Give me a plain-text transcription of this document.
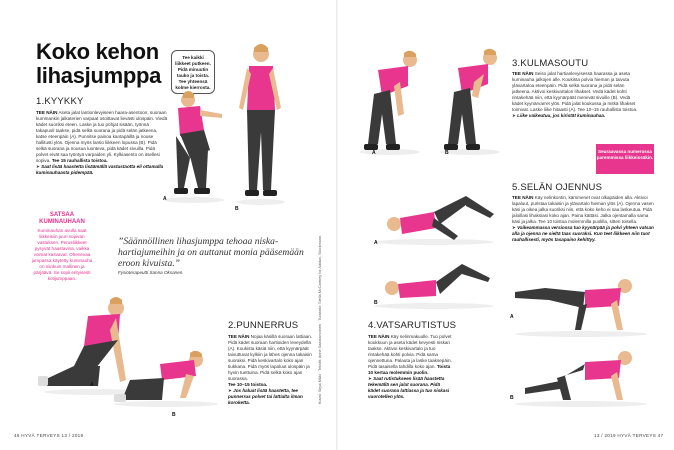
Koko kehon
lihasjumppa
Tee kaikki liikkeet putkeen. Pidä minuutin tauko ja toista. Tee yhteensä kolme kierrosta.
1.KYYKKY
TEE NÄIN Aseta jalat lantionlevyiseen haara-asentoon, suoraan kummankin jalkaterien varpaat osoittavat lievästi ulospäin. Viedä kädet suoriksi eteen. Laske ja tuo pohjat sisään, työnnä takapuoli taakse, pidä selkä suorana ja pidä selän jatkeena, katse eteenpäin (A). Punnitse painoa kantapäillä ja nouse hallitusti ylös. Ojenna myös lantio liikkeen lopussa (B). Pidä selkä suorana ja nousua luonteva, pidä kädet sivuilla. Pidä polvet eivät saa työntyä varpaiden yli. Kylkiasento on itsellesi sopiva. Tee 15 rauhallista toistoa.
➤ Saat lisää haastetta lisäämällä vastustaotta eli ottamalla kuminauhaasta pidempää.
SATSAA KUMINAUHAAN
Kuminauhan avulla saat liikkeisiin juuri sopivan vastuksen. Perusliikkeet pysyvät haastavina, vaikka voimat kasvavat. Ohenevaa jumpassa käytetty kuminauha on niinkuin mallinen ja pärjäävä. Se sopii erityisesti kotijumppaan.
”Säännöllinen lihasjumppa tehoaa niska-hartiajumeihin ja on auttanut monia pääsemään eroon kivuista.”
Fysioterapeutti Sanna Oksanen.
2.PUNNERRUS
TEE NÄIN Nojaa käsillä suoraan lattiaan. Pidä kädet suoraan hartioiden leveydellä (A). Koukista käsiä niin, että kyynärpäät taivuttuvat kylkiin ja lähes ojenna takaisin suoraksi. Pidä keskivartalo koko ajan tiukkana. Pidä myös lapaluut ulospäin ja hyvin tuettuina. Pidä selkä koko ajan suorassa.
Tee 10–15 toistoa.
➤ Jos haluat lisää haastetta, tee punnerrus polvet tai lattialta ilman koroketta.	Kuvat: Sirpa Mäki · Tekstit: Anne Saastamoinen · Tuotanto: Stella McCartney for Adidas, Stockmann.
3.KULMASOUTU
TEE NÄIN Seiso jalat hartianlevyisessä haarassa ja aseta kuminauha jalkojen alle. Koukista polvia hieman ja taivuta ylävartaloa eteenpäin. Pidä selkä suorana ja pidä selän jatkeena. Aktivoi keskivartalon lihakset. Vedä kädet kohti rintakehää niin, että kyynärpäät menevät sivuille (B). Vedä kädet kyynärvarret ylös. Pidä jalat koukussa ja mitkä lihakset toimivat. Laske liike hitaasti (A). Tee 10–15 rauhallista toistoa.
➤ Liike vaikeutuu, jos kiristät kuminauhaa.
Seuraavassa numerossa paremmissa liikkeissäkin.
5.SELÄN OJENNUS
TEE NÄIN Käy nelinkontin, kämmenet ovat olkapäiden alla. Aktivoi lapaluut, puristaa takaisin ja ylävartalo hieman ylös (A). Ojenna vasen käsi ja oikea jalka suoriksi niin, että koko keho ei saa laskeutua. Pidä jaloillasi lihaksiasi koko ajan. Paina kättäsi. Jalka ojentamalla sama käsi ja jalka. Tee 10 toistoa molemmilla puolilla, sitten toisella.
➤ Vaikeammassa versiossa tuo kyynärpää ja polvi yhteen vatsan alla ja ojenna ne sieltä taas suoraksi. Kun teet liikkeen niin tuot rauhallisesti, myös tasapaino kehittyy.
4.VATSARUTISTUS
TEE NÄIN Käy selinmakuulle. Tuo polvet koukkuun ja aseta kädet kevyesti niskan taakse. Aktivoi keskivartalo ja tuo rintakehää kohti polvia. Pidä sama ojennettuna. Palauta ja laske taaksepäin. Pidä tasaisella tahdilla koko ajan. Toista 10 kertaa molemmin puolin.
➤ Saat rutistukseen lisää haastetta tekemällä sen jalat suorana. Pidä kädet suorana lattiassa ja tuo niskasi vuorotellen ylös.
46 HYVÄ TERVEYS 13 / 2019	13 / 2019 HYVÄ TERVEYS 47
A
B
A
B
A	B
A
B
A
B
